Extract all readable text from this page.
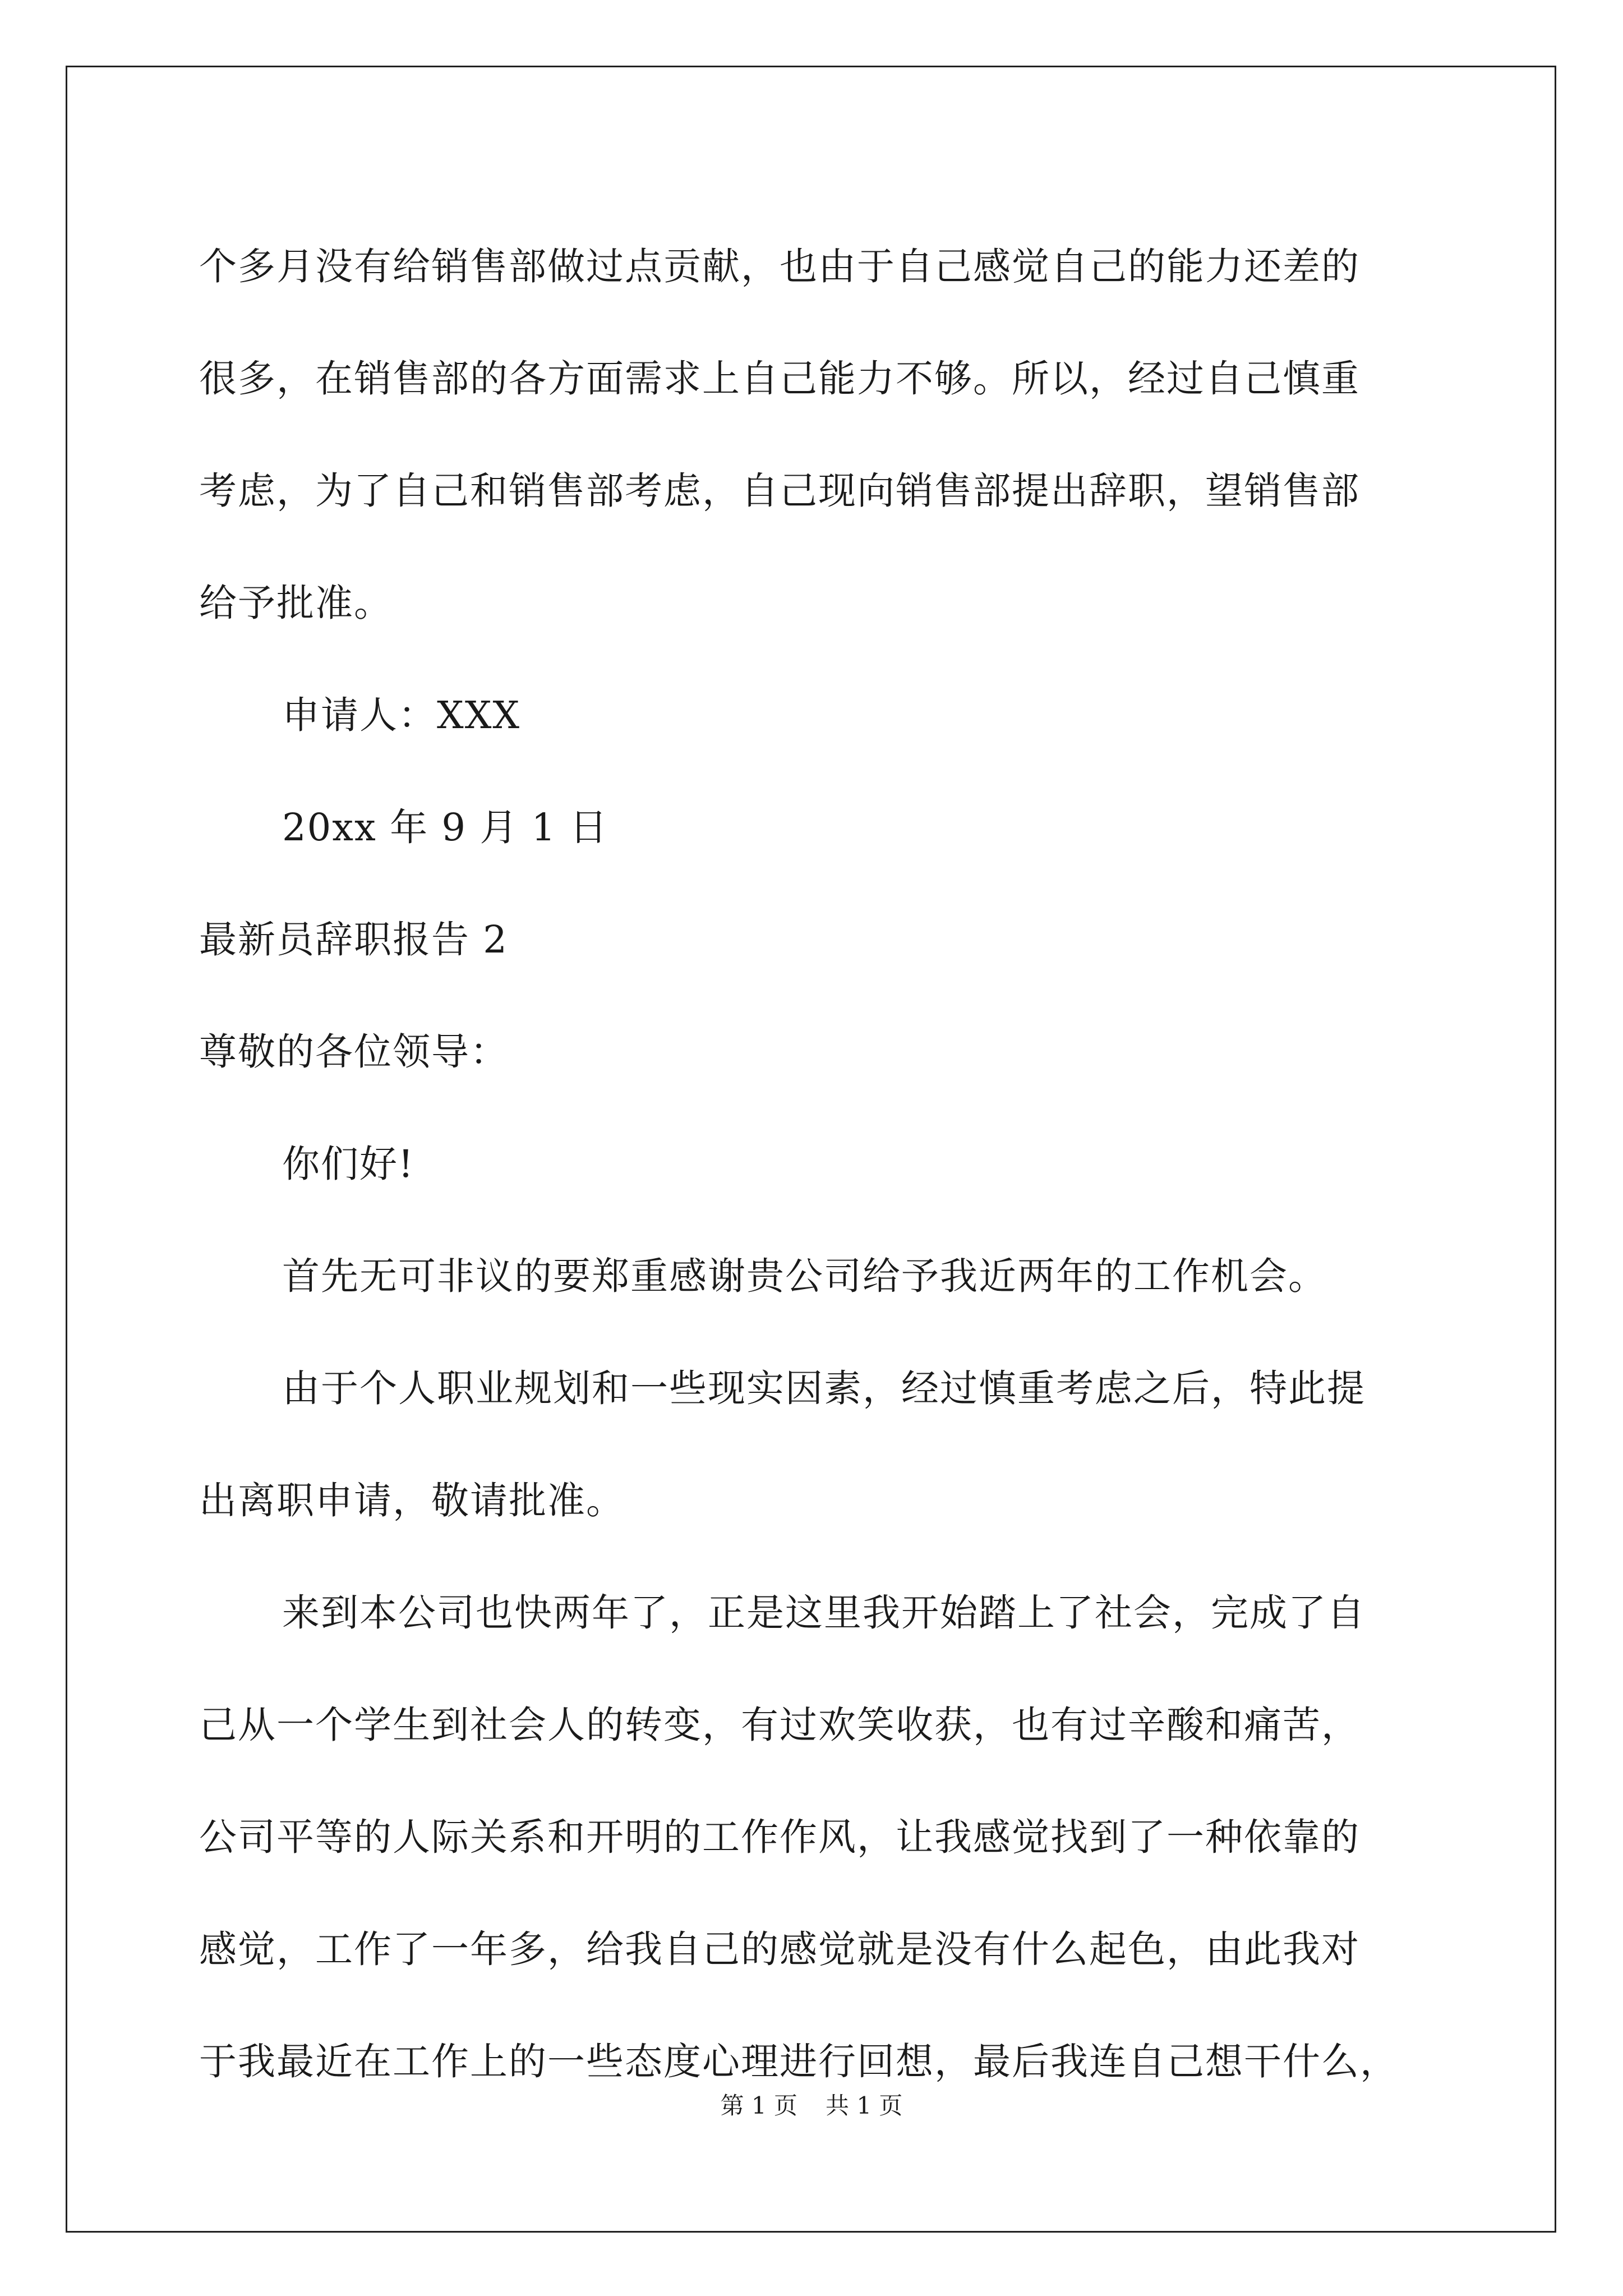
个多月没有给销售部做过点贡献，也由于自己感觉自己的能力还差的
很多，在销售部的各方面需求上自己能力不够。所以，经过自己慎重
考虑，为了自己和销售部考虑，自己现向销售部提出辞职，望销售部
给予批准。
申请人：XXX
20xx 年 9 月 1 日
最新员辞职报告 2
尊敬的各位领导：
你们好!
首先无可非议的要郑重感谢贵公司给予我近两年的工作机会。
由于个人职业规划和一些现实因素，经过慎重考虑之后，特此提
出离职申请，敬请批准。
来到本公司也快两年了，正是这里我开始踏上了社会，完成了自
己从一个学生到社会人的转变，有过欢笑收获，也有过辛酸和痛苦，
公司平等的人际关系和开明的工作作风，让我感觉找到了一种依靠的
感觉，工作了一年多，给我自己的感觉就是没有什么起色，由此我对
于我最近在工作上的一些态度心理进行回想，最后我连自己想干什么，
第 1 页 共 1 页
